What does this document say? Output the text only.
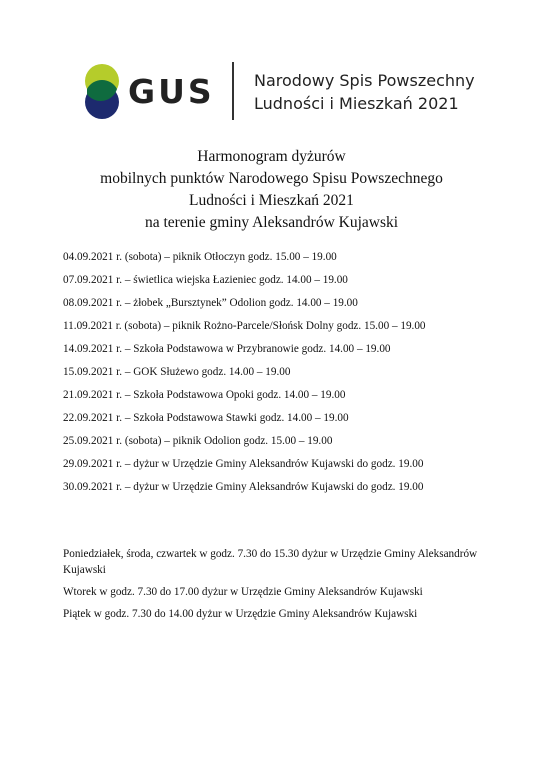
GUS Narodowy Spis Powszechny
Ludności i Mieszkań 2021
Harmonogram dyżurów
mobilnych punktów Narodowego Spisu Powszechnego
Ludności i Mieszkań 2021
na terenie gminy Aleksandrów Kujawski
04.09.2021 r. (sobota) – piknik Otłoczyn godz. 15.00 – 19.00
07.09.2021 r. – świetlica wiejska Łazieniec godz. 14.00 – 19.00
08.09.2021 r. – żłobek „Bursztynek” Odolion godz. 14.00 – 19.00
11.09.2021 r. (sobota) – piknik Rożno-Parcele/Słońsk Dolny godz. 15.00 – 19.00
14.09.2021 r. – Szkoła Podstawowa w Przybranowie godz. 14.00 – 19.00
15.09.2021 r. – GOK Służewo godz. 14.00 – 19.00
21.09.2021 r. – Szkoła Podstawowa Opoki godz. 14.00 – 19.00
22.09.2021 r. – Szkoła Podstawowa Stawki godz. 14.00 – 19.00
25.09.2021 r. (sobota) – piknik Odolion godz. 15.00 – 19.00
29.09.2021 r. – dyżur w Urzędzie Gminy Aleksandrów Kujawski do godz. 19.00
30.09.2021 r. – dyżur w Urzędzie Gminy Aleksandrów Kujawski do godz. 19.00

Poniedziałek, środa, czwartek w godz. 7.30 do 15.30 dyżur w Urzędzie Gminy Aleksandrów Kujawski

Wtorek w godz. 7.30 do 17.00 dyżur w Urzędzie Gminy Aleksandrów Kujawski

Piątek w godz. 7.30 do 14.00 dyżur w Urzędzie Gminy Aleksandrów Kujawski
